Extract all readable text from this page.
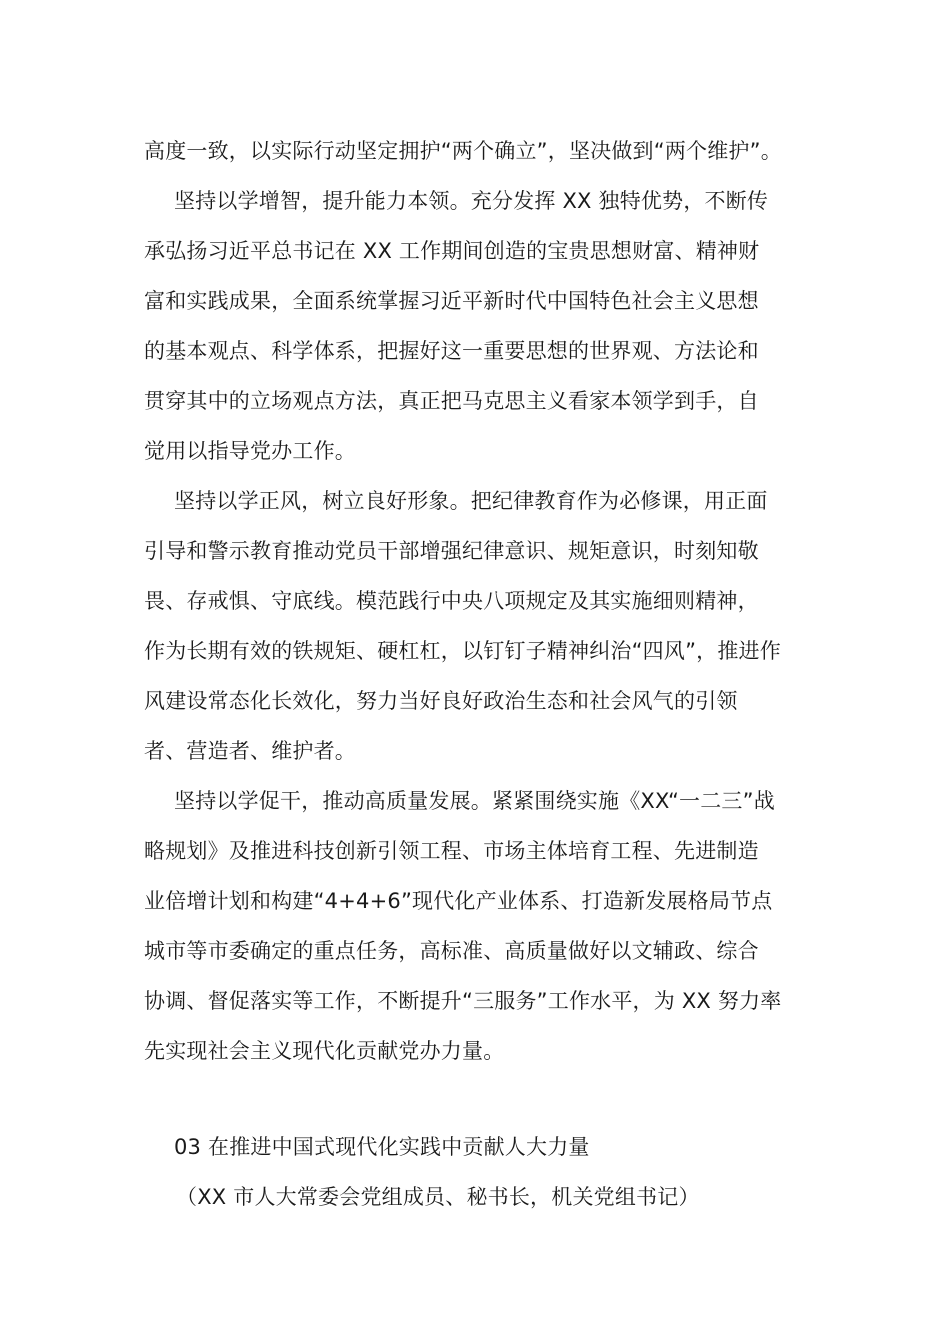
高度一致，以实际行动坚定拥护“两个确立”，坚决做到“两个维护”。
坚持以学增智，提升能力本领。充分发挥 XX 独特优势，不断传
承弘扬习近平总书记在 XX 工作期间创造的宝贵思想财富、精神财
富和实践成果，全面系统掌握习近平新时代中国特色社会主义思想
的基本观点、科学体系，把握好这一重要思想的世界观、方法论和
贯穿其中的立场观点方法，真正把马克思主义看家本领学到手，自
觉用以指导党办工作。
坚持以学正风，树立良好形象。把纪律教育作为必修课，用正面
引导和警示教育推动党员干部增强纪律意识、规矩意识，时刻知敬
畏、存戒惧、守底线。模范践行中央八项规定及其实施细则精神，
作为长期有效的铁规矩、硬杠杠，以钉钉子精神纠治“四风”，推进作
风建设常态化长效化，努力当好良好政治生态和社会风气的引领
者、营造者、维护者。
坚持以学促干，推动高质量发展。紧紧围绕实施《XX“一二三”战
略规划》及推进科技创新引领工程、市场主体培育工程、先进制造
业倍增计划和构建“4+4+6”现代化产业体系、打造新发展格局节点
城市等市委确定的重点任务，高标准、高质量做好以文辅政、综合
协调、督促落实等工作，不断提升“三服务”工作水平，为 XX 努力率
先实现社会主义现代化贡献党办力量。
03 在推进中国式现代化实践中贡献人大力量
（XX 市人大常委会党组成员、秘书长，机关党组书记）
